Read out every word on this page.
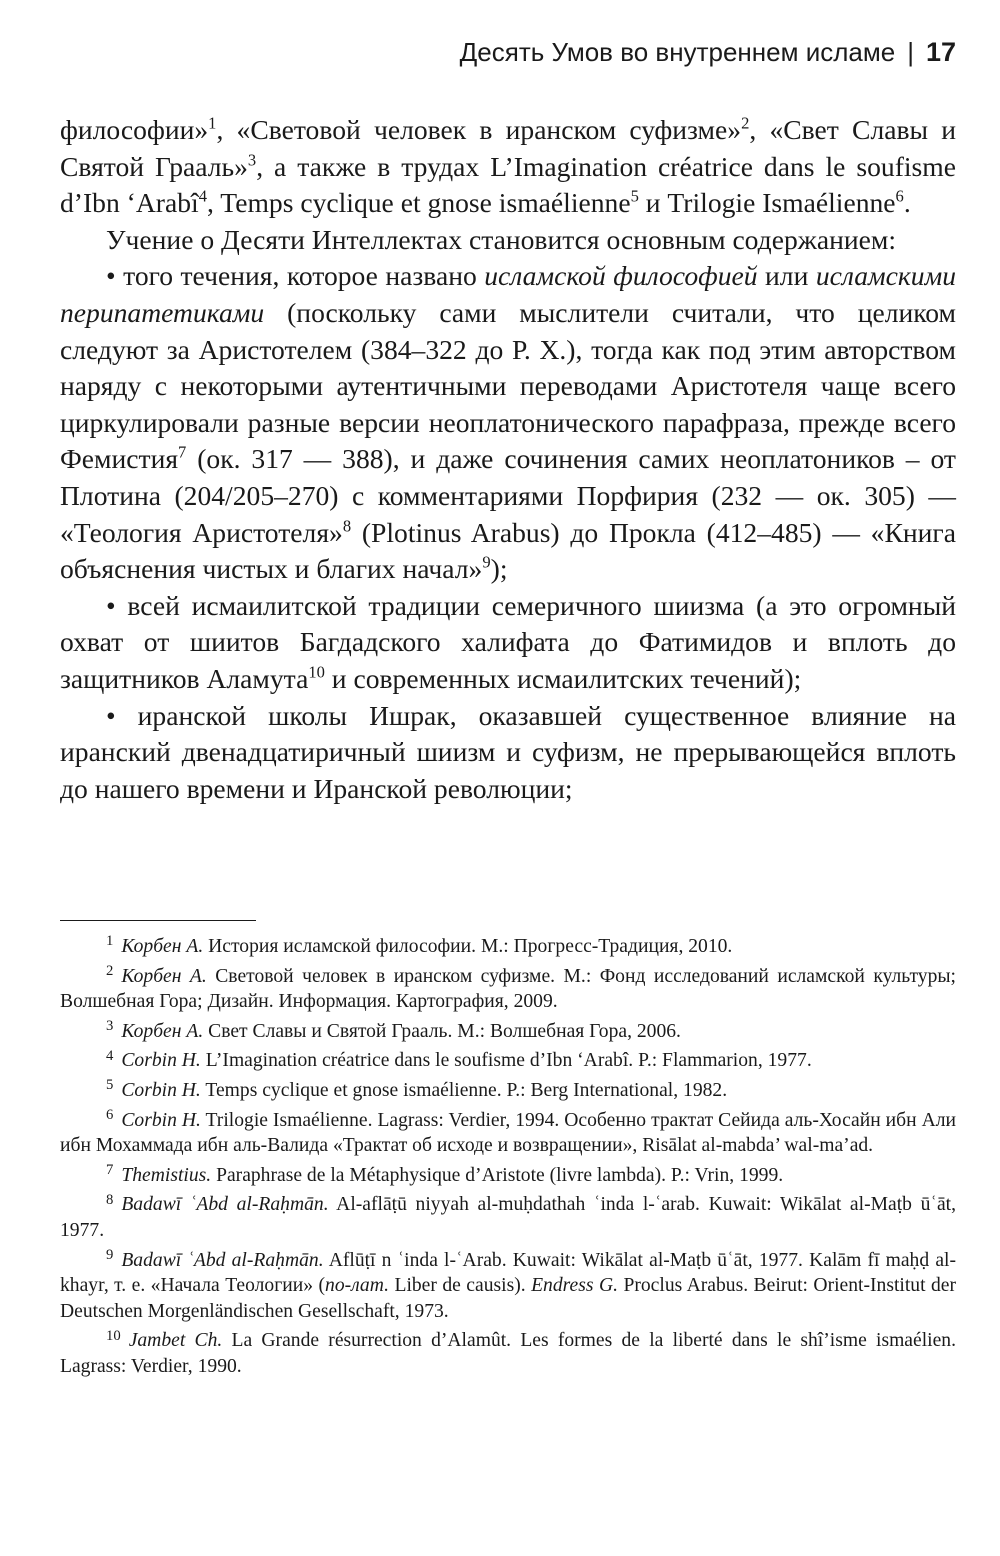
Десять Умов во внутреннем исламе | 17

философии»$^1$, «Световой человек в иранском суфизме»$^2$, «Свет Славы и Святой Грааль»$^3$, а также в трудах L’Imagination créatrice dans le soufisme d’Ibn ‘Arabî$^4$, Temps cyclique et gnose ismaélienne$^5$ и Trilogie Ismaélienne$^6$.

Учение о Десяти Интеллектах становится основным содержанием:

• того течения, которое названо исламской философией или исламскими перипатетиками (поскольку сами мыслители считали, что целиком следуют за Аристотелем (384–322 до Р. Х.), тогда как под этим авторством наряду с некоторыми аутентичными переводами Аристотеля чаще всего циркулировали разные версии неоплатонического парафраза, прежде всего Фемистия$^7$ (ок. 317 — 388), и даже сочинения самих неоплатоников – от Плотина (204/205–270) с комментариями Порфирия (232 — ок. 305) — «Теология Аристотеля»$^8$ (Plotinus Arabus) до Прокла (412–485) — «Книга объяснения чистых и благих начал»$^9$);

• всей исмаилитской традиции семеричного шиизма (а это огромный охват от шиитов Багдадского халифата до Фатимидов и вплоть до защитников Аламута$^{10}$ и современных исмаилитских течений);

• иранской школы Ишрак, оказавшей существенное влияние на иранский двенадцатиричный шиизм и суфизм, не прерывающейся вплоть до нашего времени и Иранской революции;

$^1$ Корбен А. История исламской философии. М.: Прогресс-Традиция, 2010.

$^2$ Корбен А. Световой человек в иранском суфизме. М.: Фонд исследований исламской культуры; Волшебная Гора; Дизайн. Информация. Картография, 2009.

$^3$ Корбен А. Свет Славы и Святой Грааль. М.: Волшебная Гора, 2006.

$^4$ Corbin H. L’Imagination créatrice dans le soufisme d’Ibn ‘Arabî. P.: Flammarion, 1977.

$^5$ Corbin H. Temps cyclique et gnose ismaélienne. P.: Berg International, 1982.

$^6$ Corbin H. Trilogie Ismaélienne. Lagrass: Verdier, 1994. Особенно трактат Сейида аль-Хосайн ибн Али ибн Мохаммада ибн аль-Валида «Трактат об исходе и возвращении», Risālat al-mabda’ wal-ma’ad.

$^7$ Themistius. Paraphrase de la Métaphysique d’Aristote (livre lambda). P.: Vrin, 1999.

$^8$ Badawī ʿAbd al-Raḥmān. Al-aflāṭū niyyah al-muḥdathah ʿinda l-ʿarab. Kuwait: Wikālat al-Maṭb ūʿāt, 1977.

$^9$ Badawī ʿAbd al-Raḥmān. Aflūṭī n ʿinda l-ʿArab. Kuwait: Wikālat al-Maṭb ūʿāt, 1977. Kalām fī maḥḍ al-khayr, т. е. «Начала Теологии» (по-лат. Liber de causis). Endress G. Proclus Arabus. Beirut: Orient-Institut der Deutschen Morgenländischen Gesellschaft, 1973.

$^{10}$ Jambet Ch. La Grande résurrection d’Alamût. Les formes de la liberté dans le shî’isme ismaélien. Lagrass: Verdier, 1990.
